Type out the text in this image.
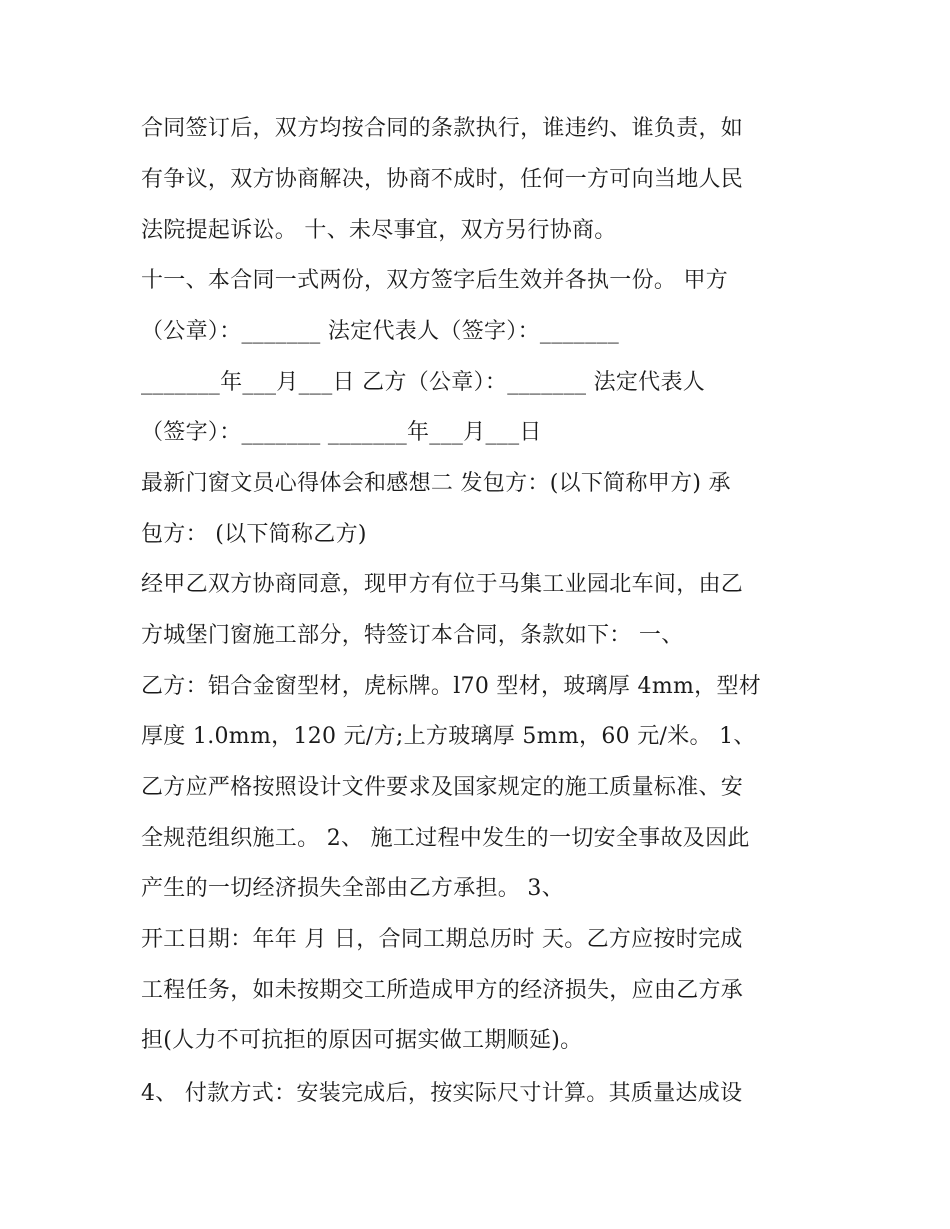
合同签订后，双方均按合同的条款执行，谁违约、谁负责，如
有争议，双方协商解决，协商不成时，任何一方可向当地人民
法院提起诉讼。 十、未尽事宜，双方另行协商。
十一、本合同一式两份，双方签字后生效并各执一份。 甲方
（公章）：_______ 法定代表人（签字）：_______
_______年___月___日 乙方（公章）：_______ 法定代表人
（签字）：_______ _______年___月___日
最新门窗文员心得体会和感想二 发包方：(以下简称甲方) 承
包方： (以下简称乙方)
经甲乙双方协商同意，现甲方有位于马集工业园北车间，由乙
方城堡门窗施工部分，特签订本合同，条款如下： 一、
乙方：铝合金窗型材，虎标牌。l70 型材，玻璃厚 4mm，型材
厚度 1.0mm，120 元/方;上方玻璃厚 5mm，60 元/米。 1、
乙方应严格按照设计文件要求及国家规定的施工质量标准、安
全规范组织施工。 2、 施工过程中发生的一切安全事故及因此
产生的一切经济损失全部由乙方承担。 3、
开工日期：年年 月 日，合同工期总历时 天。乙方应按时完成
工程任务，如未按期交工所造成甲方的经济损失，应由乙方承
担(人力不可抗拒的原因可据实做工期顺延)。
4、 付款方式：安装完成后，按实际尺寸计算。其质量达成设
